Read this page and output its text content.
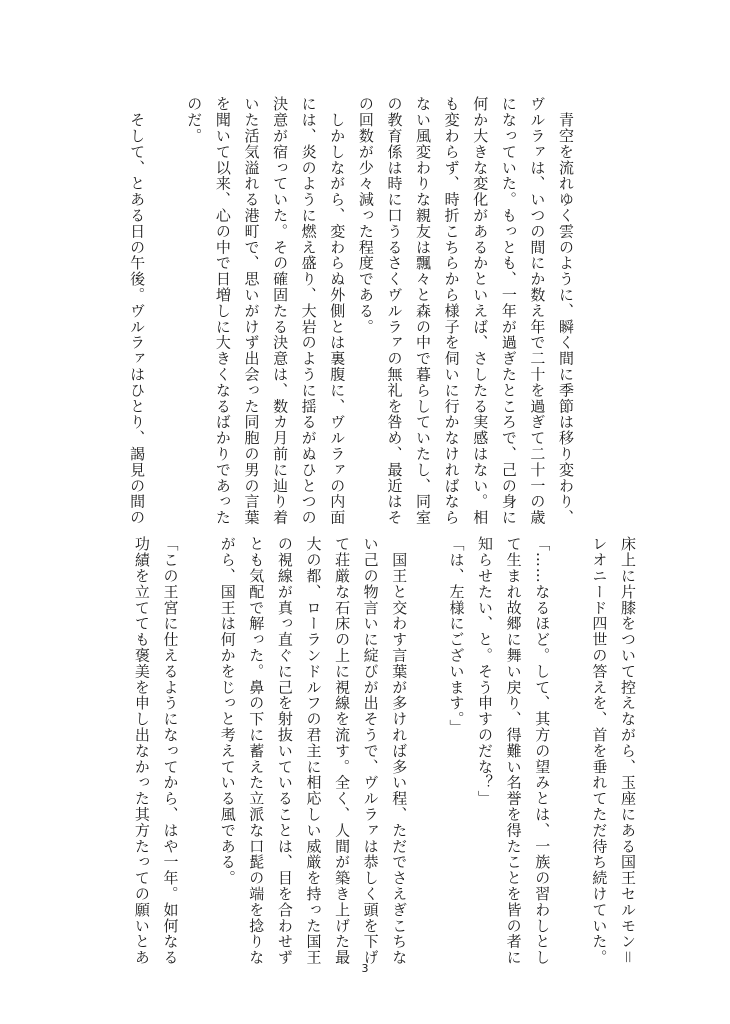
　青空を流れゆく雲のように、瞬く間に季節は移り変わり、

ヴルラァは、いつの間にか数え年で二十を過ぎて二十一の歳

になっていた。もっとも、一年が過ぎたところで、己の身に

何か大きな変化があるかといえば、さしたる実感はない。相

も変わらず、時折こちらから様子を伺いに行かなければなら

ない風変わりな親友は飄々と森の中で暮らしていたし、同室

の教育係は時に口うるさくヴルラァの無礼を咎め、最近はそ

の回数が少々減った程度である。

　しかしながら、変わらぬ外側とは裏腹に、ヴルラァの内面

には、炎のように燃え盛り、大岩のように揺るがぬひとつの

決意が宿っていた。その確固たる決意は、数カ月前に辿り着

いた活気溢れる港町で、思いがけず出会った同胞の男の言葉

を聞いて以来、心の中で日増しに大きくなるばかりであった

のだ。

　そして、とある日の午後。ヴルラァはひとり、謁見の間の

床上に片膝をついて控えながら、玉座にある国王セルモン＝

レオニード四世の答えを、首を垂れてただ待ち続けていた。

「……なるほど。して、其方の望みとは、一族の習わしとし

て生まれ故郷に舞い戻り、得難い名誉を得たことを皆の者に

知らせたい、と。そう申すのだな？」

「は、左様にございます。」

　国王と交わす言葉が多ければ多い程、ただでさえぎこちな

い己の物言いに綻びが出そうで、ヴルラァは恭しく頭を下げ

て荘厳な石床の上に視線を流す。全く、人間が築き上げた最

大の都、ローランドルフの君主に相応しい威厳を持った国王

の視線が真っ直ぐに己を射抜いていることは、目を合わせず

とも気配で解った。鼻の下に蓄えた立派な口髭の端を捻りな

がら、国王は何かをじっと考えている風である。

「この王宮に仕えるようになってから、はや一年。如何なる

功績を立てても褒美を申し出なかった其方たっての願いとあ

3
